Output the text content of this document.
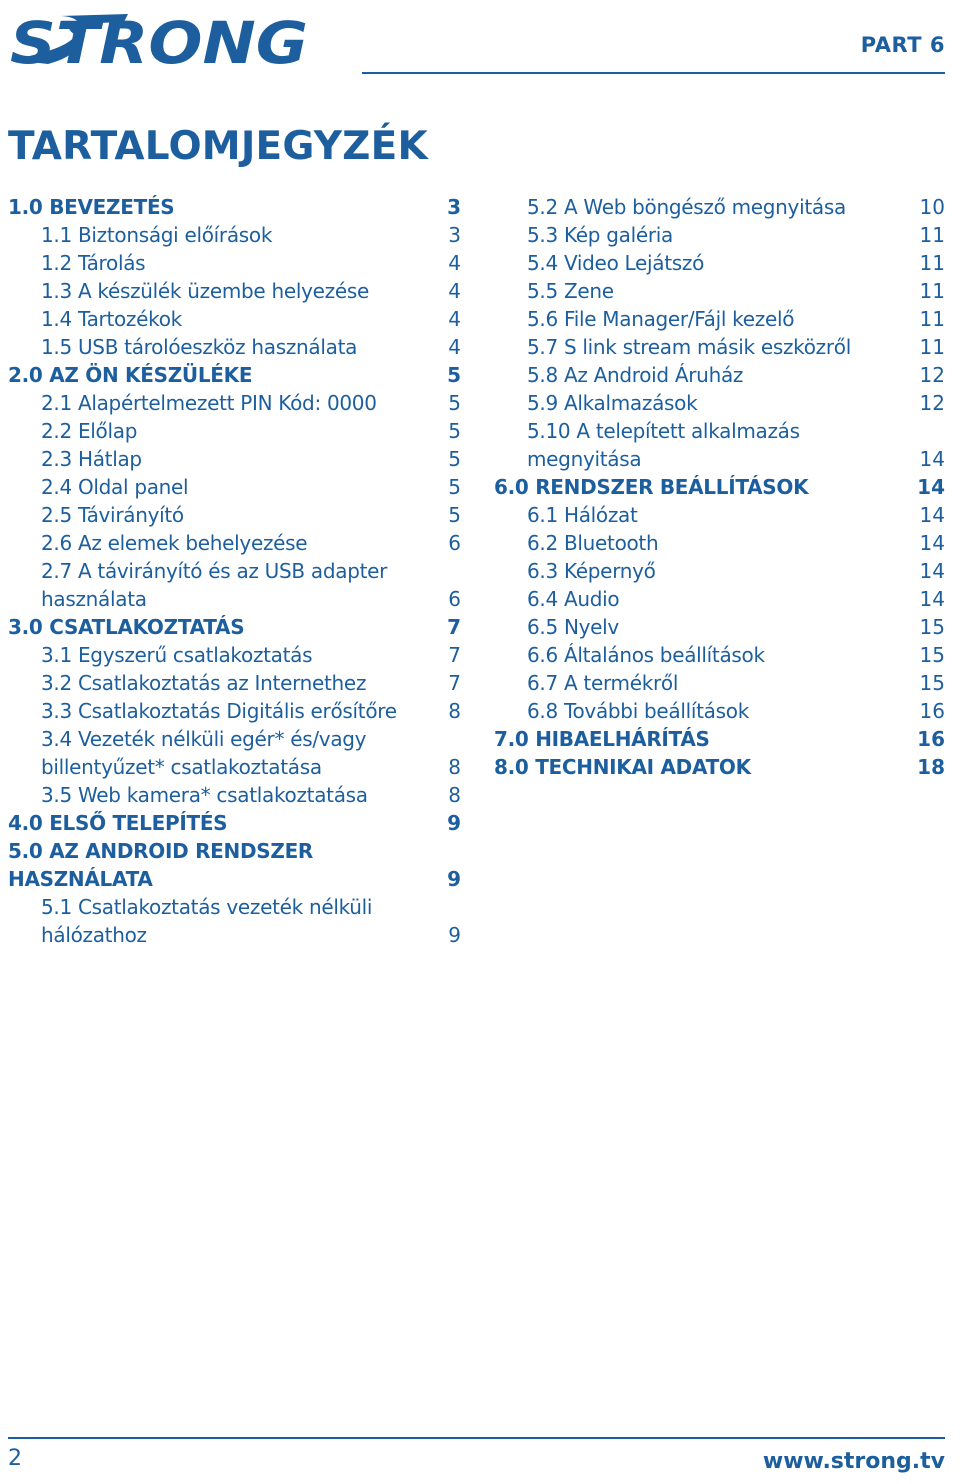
STRONG	PART 6
TARTALOMJEGYZÉK
1.0 BEVEZETÉS	3
1.1 Biztonsági előírások	3
1.2 Tárolás	4
1.3 A készülék üzembe helyezése	4
1.4 Tartozékok	4
1.5 USB tárolóeszköz használata	4
2.0 AZ ÖN KÉSZÜLÉKE	5
2.1 Alapértelmezett PIN Kód: 0000	5
2.2 Előlap	5
2.3 Hátlap	5
2.4 Oldal panel	5
2.5 Távirányító	5
2.6 Az elemek behelyezése	6
2.7 A távirányító és az USB adapter
használata	6
3.0 CSATLAKOZTATÁS	7
3.1 Egyszerű csatlakoztatás	7
3.2 Csatlakoztatás az Internethez	7
3.3 Csatlakoztatás Digitális erősítőre	8
3.4 Vezeték nélküli egér* és/vagy
billentyűzet* csatlakoztatása	8
3.5 Web kamera* csatlakoztatása	8
4.0 ELSŐ TELEPÍTÉS	9
5.0 AZ ANDROID RENDSZER HASZNÁLATA	9
5.1 Csatlakoztatás vezeték nélküli hálózathoz	9
5.2 A Web böngésző megnyitása	10
5.3 Kép galéria	11
5.4 Video Lejátszó	11
5.5 Zene	11
5.6 File Manager/Fájl kezelő	11
5.7 S link stream másik eszközről	11
5.8 Az Android Áruház	12
5.9 Alkalmazások	12
5.10 A telepített alkalmazás megnyitása	14
6.0 RENDSZER BEÁLLÍTÁSOK	14
6.1 Hálózat	14
6.2 Bluetooth	14
6.3 Képernyő	14
6.4 Audio	14
6.5 Nyelv	15
6.6 Általános beállítások	15
6.7 A termékről	15
6.8 További beállítások	16
7.0 HIBAELHÁRÍTÁS	16
8.0 TECHNIKAI ADATOK	18
2	www.strong.tv
